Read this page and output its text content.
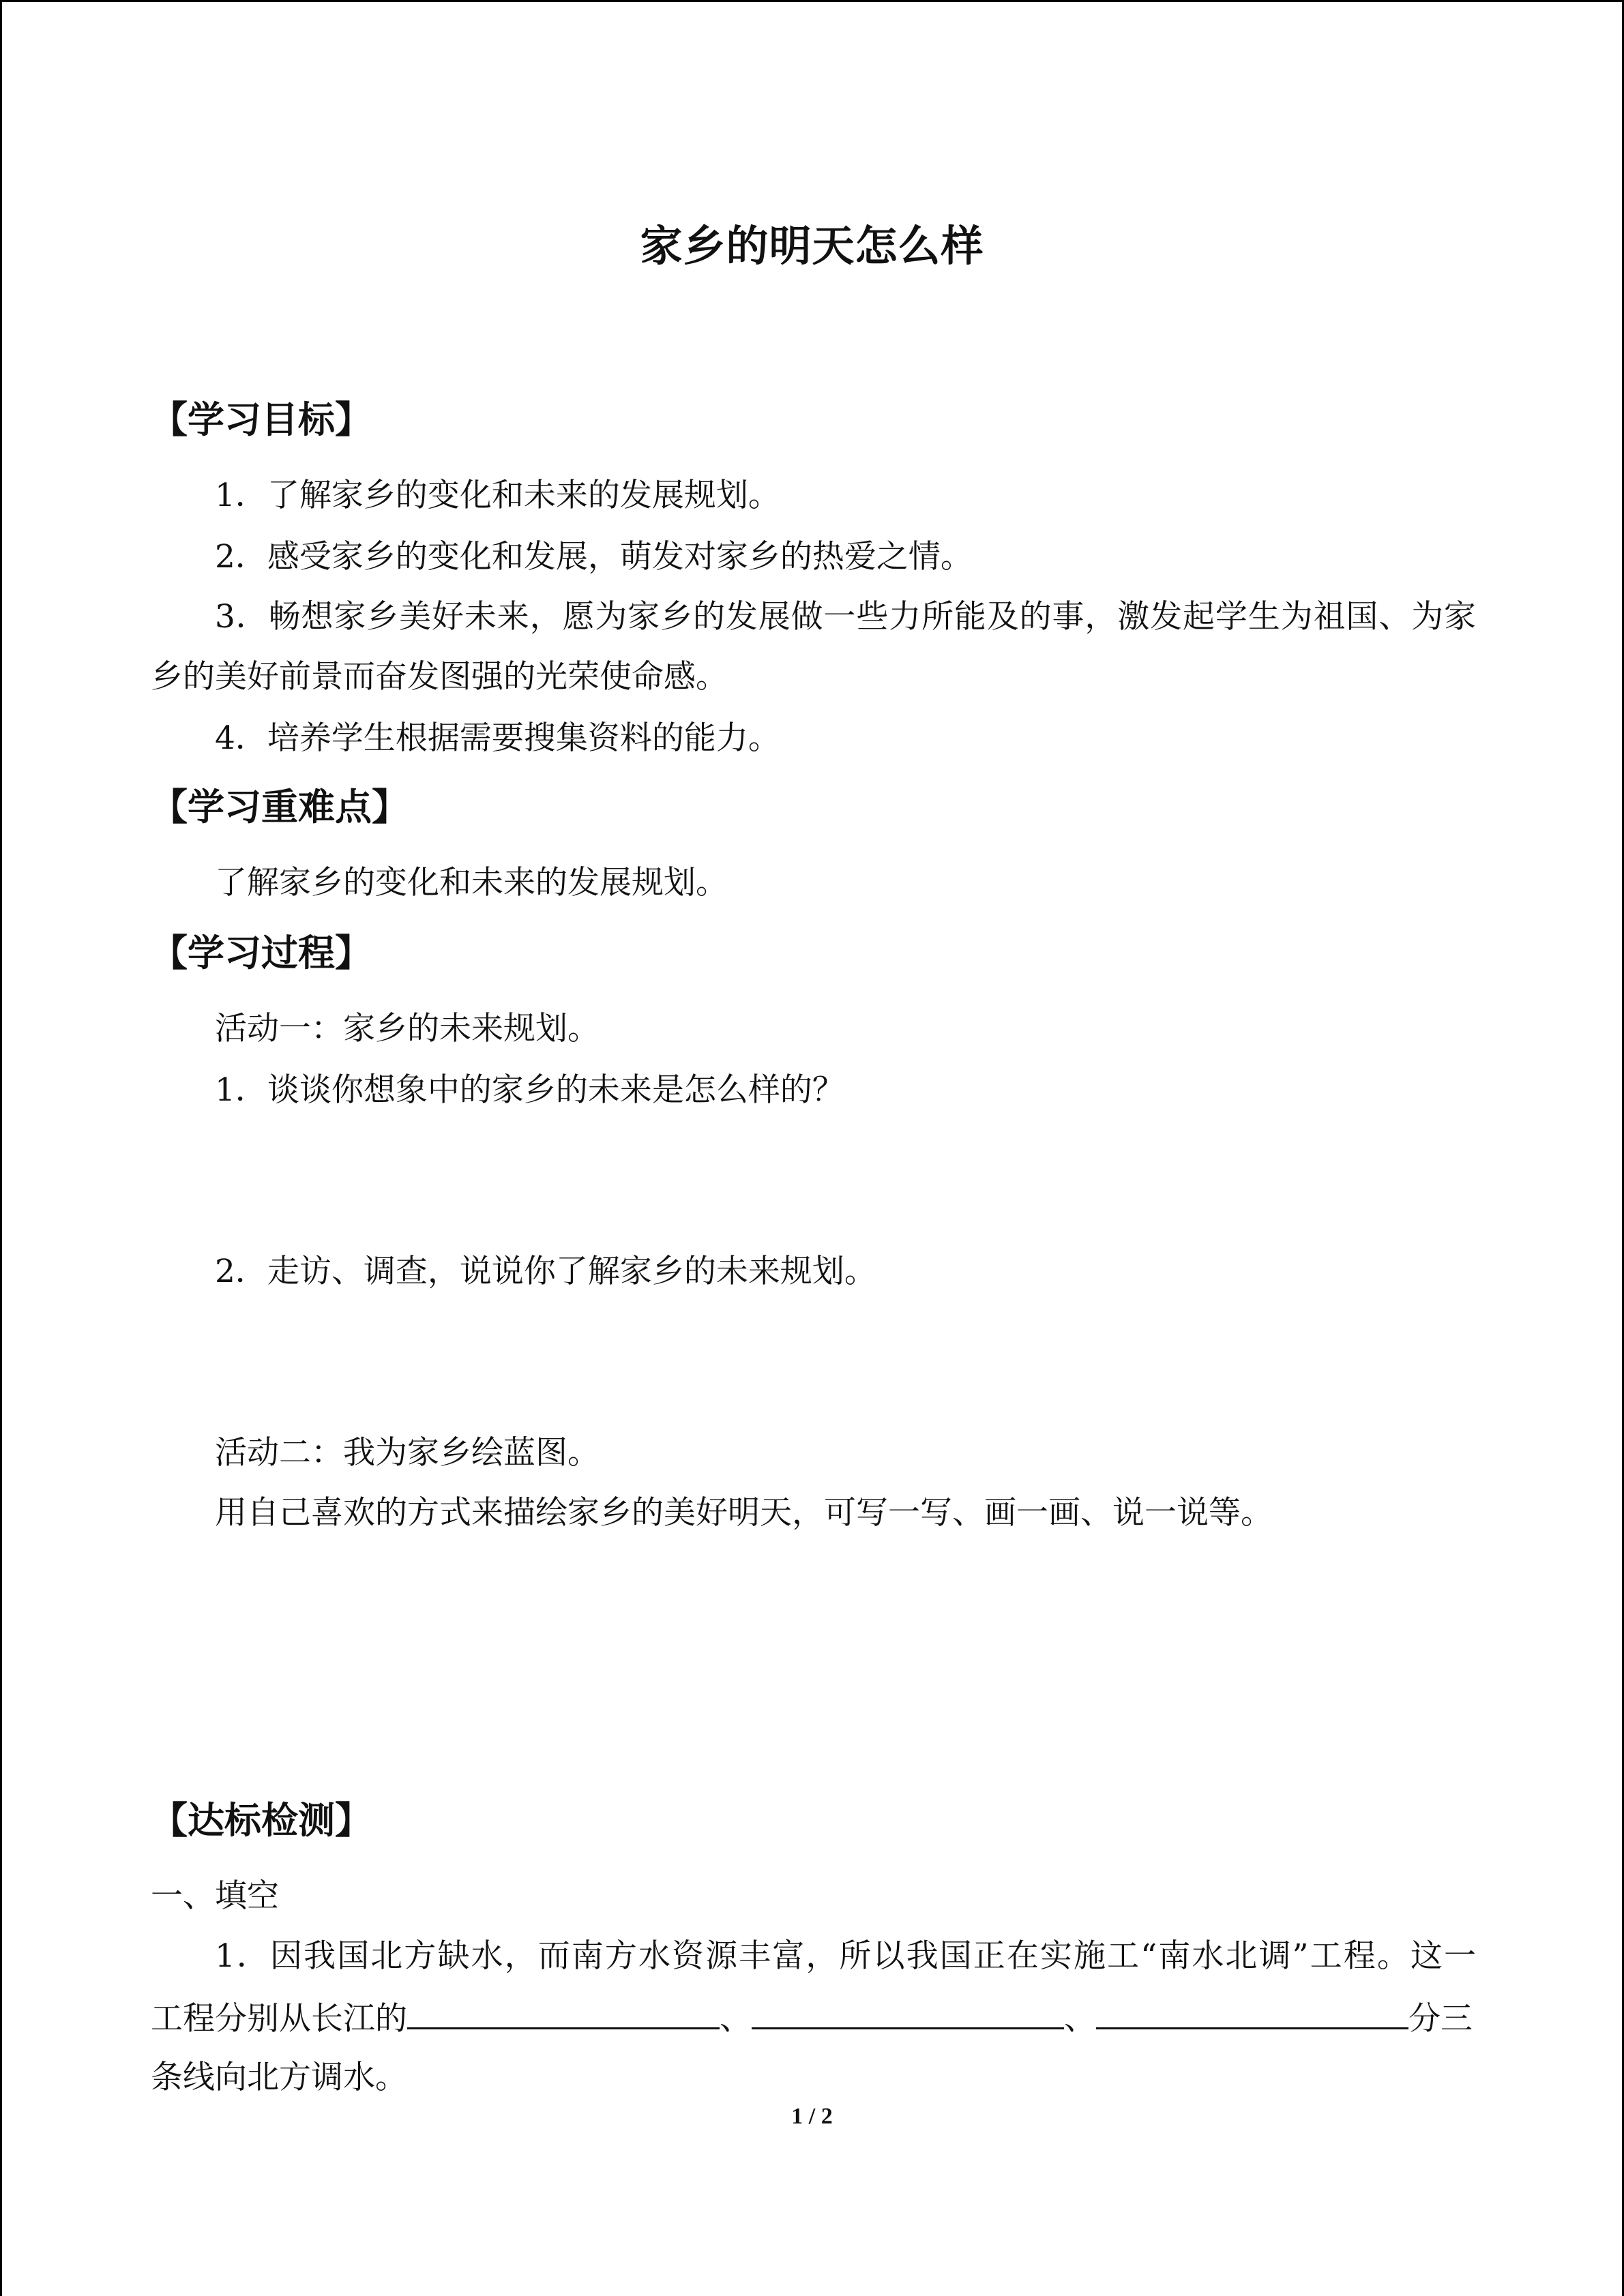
家乡的明天怎么样
【学习目标】
1．了解家乡的变化和未来的发展规划。
2．感受家乡的变化和发展，萌发对家乡的热爱之情。
3．畅想家乡美好未来，愿为家乡的发展做一些力所能及的事，激发起学生为祖国、为家
乡的美好前景而奋发图强的光荣使命感。
4．培养学生根据需要搜集资料的能力。
【学习重难点】
了解家乡的变化和未来的发展规划。
【学习过程】
活动一：家乡的未来规划。
1．谈谈你想象中的家乡的未来是怎么样的？
2．走访、调查，说说你了解家乡的未来规划。
活动二：我为家乡绘蓝图。
用自己喜欢的方式来描绘家乡的美好明天，可写一写、画一画、说一说等。
【达标检测】
一、填空
1．因我国北方缺水，而南方水资源丰富，所以我国正在实施工“南水北调”工程。这一
工程分别从长江的	、	、	分三
条线向北方调水。
1 / 2
